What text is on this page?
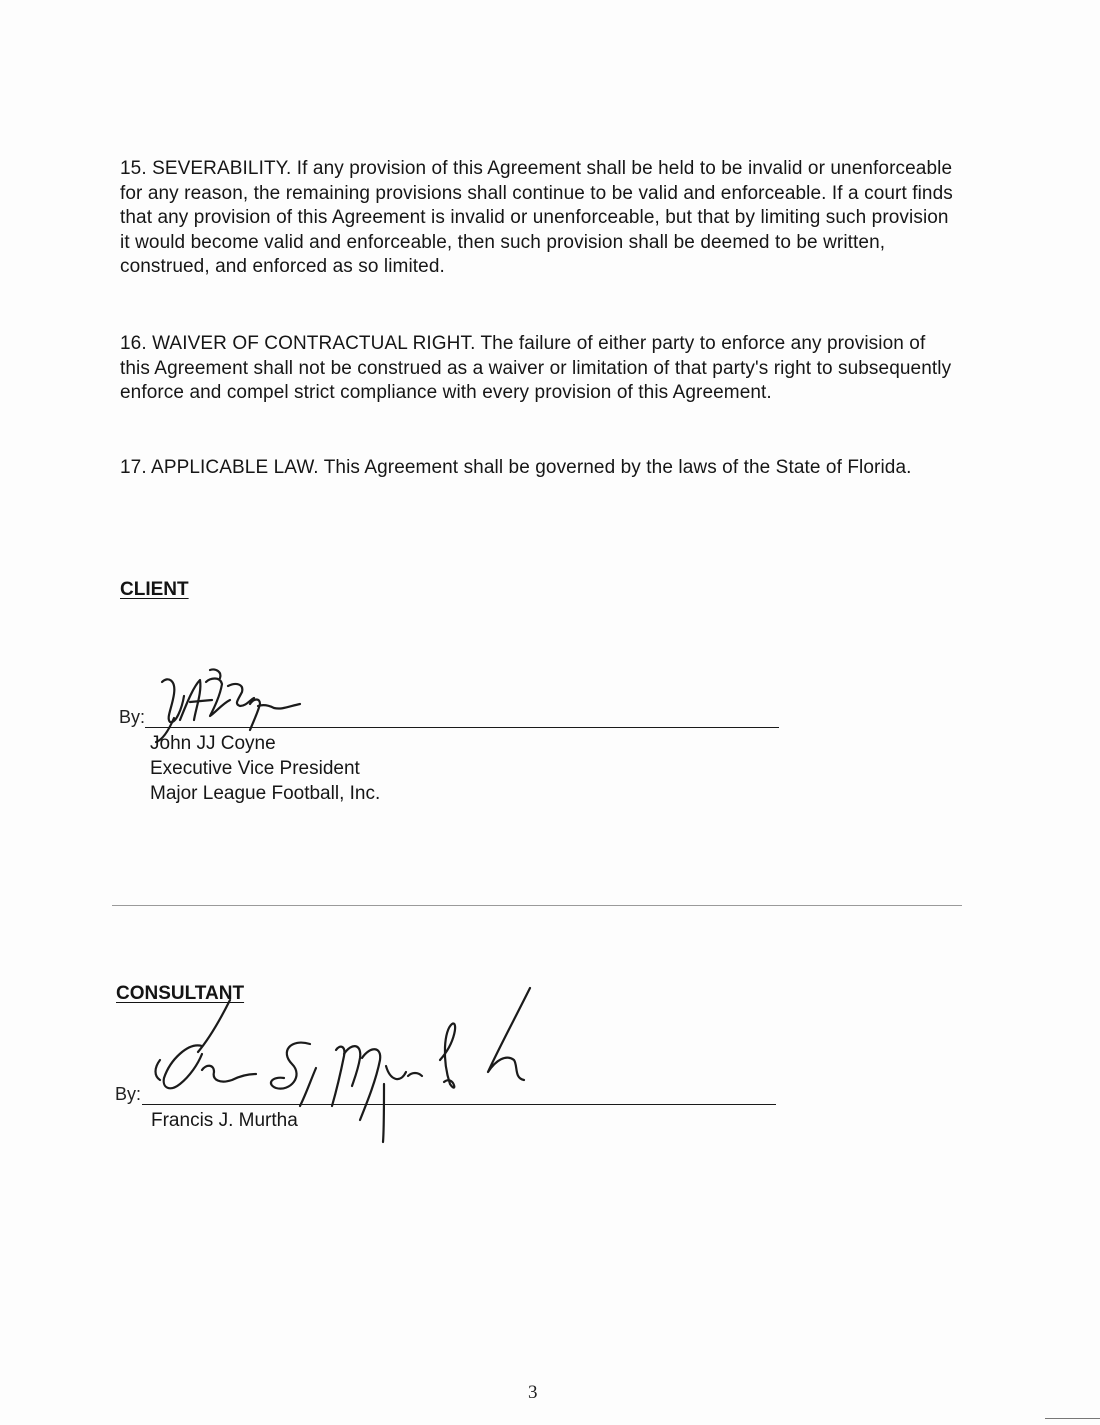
15. SEVERABILITY. If any provision of this Agreement shall be held to be invalid or unenforceable for any reason, the remaining provisions shall continue to be valid and enforceable. If a court finds that any provision of this Agreement is invalid or unenforceable, but that by limiting such provision it would become valid and enforceable, then such provision shall be deemed to be written, construed, and enforced as so limited.

16. WAIVER OF CONTRACTUAL RIGHT. The failure of either party to enforce any provision of this Agreement shall not be construed as a waiver or limitation of that party's right to subsequently enforce and compel strict compliance with every provision of this Agreement.

17. APPLICABLE LAW. This Agreement shall be governed by the laws of the State of Florida.

CLIENT
By:
John JJ Coyne
Executive Vice President
Major League Football, Inc.
CONSULTANT
By:
Francis J. Murtha
3
